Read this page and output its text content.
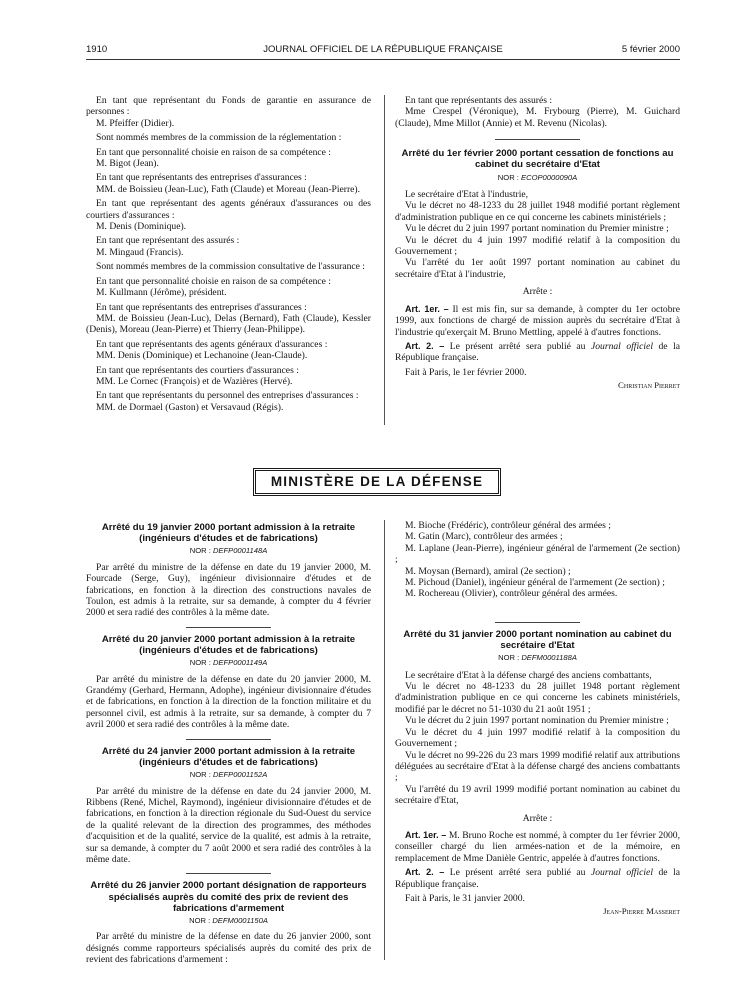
1910	JOURNAL OFFICIEL DE LA RÉPUBLIQUE FRANÇAISE	5 février 2000

En tant que représentant du Fonds de garantie en assurance de personnes :

M. Pfeiffer (Didier).

Sont nommés membres de la commission de la réglementation :

En tant que personnalité choisie en raison de sa compétence :

M. Bigot (Jean).

En tant que représentants des entreprises d'assurances :

MM. de Boissieu (Jean-Luc), Fath (Claude) et Moreau (Jean-Pierre).

En tant que représentant des agents généraux d'assurances ou des courtiers d'assurances :

M. Denis (Dominique).

En tant que représentant des assurés :

M. Mingaud (Francis).

Sont nommés membres de la commission consultative de l'assurance :

En tant que personnalité choisie en raison de sa compétence :

M. Kullmann (Jérôme), président.

En tant que représentants des entreprises d'assurances :

MM. de Boissieu (Jean-Luc), Delas (Bernard), Fath (Claude), Kessler (Denis), Moreau (Jean-Pierre) et Thierry (Jean-Philippe).

En tant que représentants des agents généraux d'assurances :

MM. Denis (Dominique) et Lechanoine (Jean-Claude).

En tant que représentants des courtiers d'assurances :

MM. Le Cornec (François) et de Wazières (Hervé).

En tant que représentants du personnel des entreprises d'assurances :

MM. de Dormael (Gaston) et Versavaud (Régis).

En tant que représentants des assurés :

Mme Crespel (Véronique), M. Frybourg (Pierre), M. Guichard (Claude), Mme Millot (Annie) et M. Revenu (Nicolas).

Arrêté du 1er février 2000 portant cessation de fonctions au cabinet du secrétaire d'Etat
NOR : ECOP0000090A

Le secrétaire d'Etat à l'industrie,

Vu le décret no 48-1233 du 28 juillet 1948 modifié portant règlement d'administration publique en ce qui concerne les cabinets ministériels ;

Vu le décret du 2 juin 1997 portant nomination du Premier ministre ;

Vu le décret du 4 juin 1997 modifié relatif à la composition du Gouvernement ;

Vu l'arrêté du 1er août 1997 portant nomination au cabinet du secrétaire d'Etat à l'industrie,

Arrête :

Art. 1er. – Il est mis fin, sur sa demande, à compter du 1er octobre 1999, aux fonctions de chargé de mission auprès du secrétaire d'Etat à l'industrie qu'exerçait M. Bruno Mettling, appelé à d'autres fonctions.

Art. 2. – Le présent arrêté sera publié au Journal officiel de la République française.

Fait à Paris, le 1er février 2000.

Christian Pierret
MINISTÈRE DE LA DÉFENSE
Arrêté du 19 janvier 2000 portant admission à la retraite (ingénieurs d'études et de fabrications)
NOR : DEFP0001148A

Par arrêté du ministre de la défense en date du 19 janvier 2000, M. Fourcade (Serge, Guy), ingénieur divisionnaire d'études et de fabrications, en fonction à la direction des constructions navales de Toulon, est admis à la retraite, sur sa demande, à compter du 4 février 2000 et sera radié des contrôles à la même date.

Arrêté du 20 janvier 2000 portant admission à la retraite (ingénieurs d'études et de fabrications)
NOR : DEFP0001149A

Par arrêté du ministre de la défense en date du 20 janvier 2000, M. Grandémy (Gerhard, Hermann, Adophe), ingénieur divisionnaire d'études et de fabrications, en fonction à la direction de la fonction militaire et du personnel civil, est admis à la retraite, sur sa demande, à compter du 7 avril 2000 et sera radié des contrôles à la même date.

Arrêté du 24 janvier 2000 portant admission à la retraite (ingénieurs d'études et de fabrications)
NOR : DEFP0001152A

Par arrêté du ministre de la défense en date du 24 janvier 2000, M. Ribbens (René, Michel, Raymond), ingénieur divisionnaire d'études et de fabrications, en fonction à la direction régionale du Sud-Ouest du service de la qualité relevant de la direction des programmes, des méthodes d'acquisition et de la qualité, service de la qualité, est admis à la retraite, sur sa demande, à compter du 7 août 2000 et sera radié des contrôles à la même date.

Arrêté du 26 janvier 2000 portant désignation de rapporteurs spécialisés auprès du comité des prix de revient des fabrications d'armement
NOR : DEFM0001150A

Par arrêté du ministre de la défense en date du 26 janvier 2000, sont désignés comme rapporteurs spécialisés auprès du comité des prix de revient des fabrications d'armement :

M. Bioche (Frédéric), contrôleur général des armées ;

M. Gatin (Marc), contrôleur des armées ;

M. Laplane (Jean-Pierre), ingénieur général de l'armement (2e section) ;

M. Moysan (Bernard), amiral (2e section) ;

M. Pichoud (Daniel), ingénieur général de l'armement (2e section) ;

M. Rochereau (Olivier), contrôleur général des armées.

Arrêté du 31 janvier 2000 portant nomination au cabinet du secrétaire d'Etat
NOR : DEFM0001188A

Le secrétaire d'Etat à la défense chargé des anciens combattants,

Vu le décret no 48-1233 du 28 juillet 1948 portant règlement d'administration publique en ce qui concerne les cabinets ministériels, modifié par le décret no 51-1030 du 21 août 1951 ;

Vu le décret du 2 juin 1997 portant nomination du Premier ministre ;

Vu le décret du 4 juin 1997 modifié relatif à la composition du Gouvernement ;

Vu le décret no 99-226 du 23 mars 1999 modifié relatif aux attributions déléguées au secrétaire d'Etat à la défense chargé des anciens combattants ;

Vu l'arrêté du 19 avril 1999 modifié portant nomination au cabinet du secrétaire d'Etat,

Arrête :

Art. 1er. – M. Bruno Roche est nommé, à compter du 1er février 2000, conseiller chargé du lien armées-nation et de la mémoire, en remplacement de Mme Danièle Gentric, appelée à d'autres fonctions.

Art. 2. – Le présent arrêté sera publié au Journal officiel de la République française.

Fait à Paris, le 31 janvier 2000.

Jean-Pierre Masseret
